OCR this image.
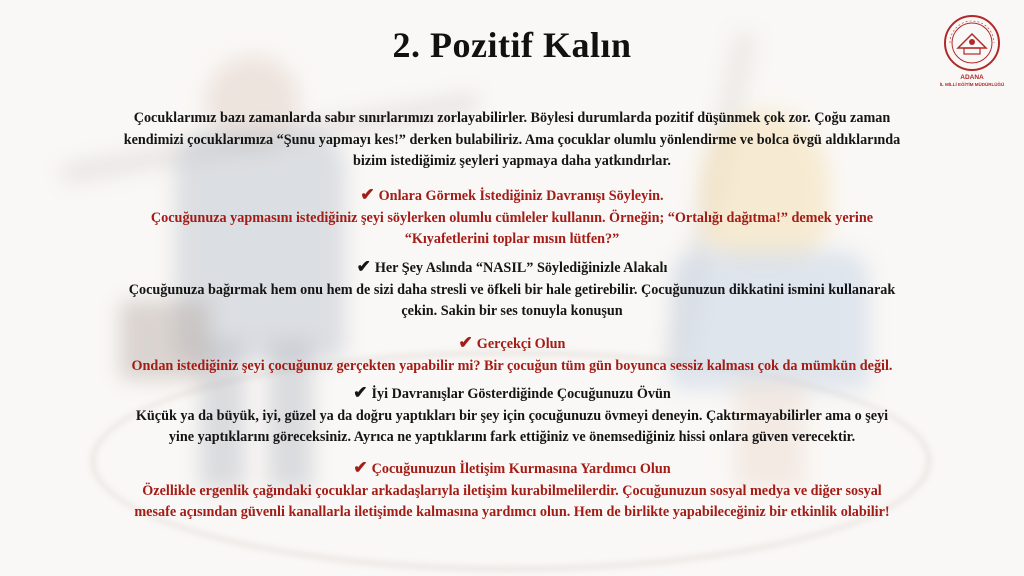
ADANA
İL MİLLİ EĞİTİM MÜDÜRLÜĞÜ
2. Pozitif Kalın
Çocuklarımız bazı zamanlarda sabır sınırlarımızı zorlayabilirler. Böylesi durumlarda pozitif düşünmek çok zor. Çoğu zaman
kendimizi çocuklarımıza “Şunu yapmayı kes!” derken bulabiliriz. Ama çocuklar olumlu yönlendirme ve bolca övgü aldıklarında
bizim istediğimiz şeyleri yapmaya daha yatkındırlar.
✔ Onlara Görmek İstediğiniz Davranışı Söyleyin.
Çocuğunuza yapmasını istediğiniz şeyi söylerken olumlu cümleler kullanın. Örneğin; “Ortalığı dağıtma!” demek yerine
“Kıyafetlerini toplar mısın lütfen?”
✔ Her Şey Aslında “NASIL” Söylediğinizle Alakalı
Çocuğunuza bağırmak hem onu hem de sizi daha stresli ve öfkeli bir hale getirebilir. Çocuğunuzun dikkatini ismini kullanarak
çekin. Sakin bir ses tonuyla konuşun
✔ Gerçekçi Olun
Ondan istediğiniz şeyi çocuğunuz gerçekten yapabilir mi? Bir çocuğun tüm gün boyunca sessiz kalması çok da mümkün değil.
✔ İyi Davranışlar Gösterdiğinde Çocuğunuzu Övün
Küçük ya da büyük, iyi, güzel ya da doğru yaptıkları bir şey için çocuğunuzu övmeyi deneyin. Çaktırmayabilirler ama o şeyi
yine yaptıklarını göreceksiniz. Ayrıca ne yaptıklarını fark ettiğiniz ve önemsediğiniz hissi onlara güven verecektir.
✔ Çocuğunuzun İletişim Kurmasına Yardımcı Olun
Özellikle ergenlik çağındaki çocuklar arkadaşlarıyla iletişim kurabilmelilerdir. Çocuğunuzun sosyal medya ve diğer sosyal
mesafe açısından güvenli kanallarla iletişimde kalmasına yardımcı olun. Hem de birlikte yapabileceğiniz bir etkinlik olabilir!
